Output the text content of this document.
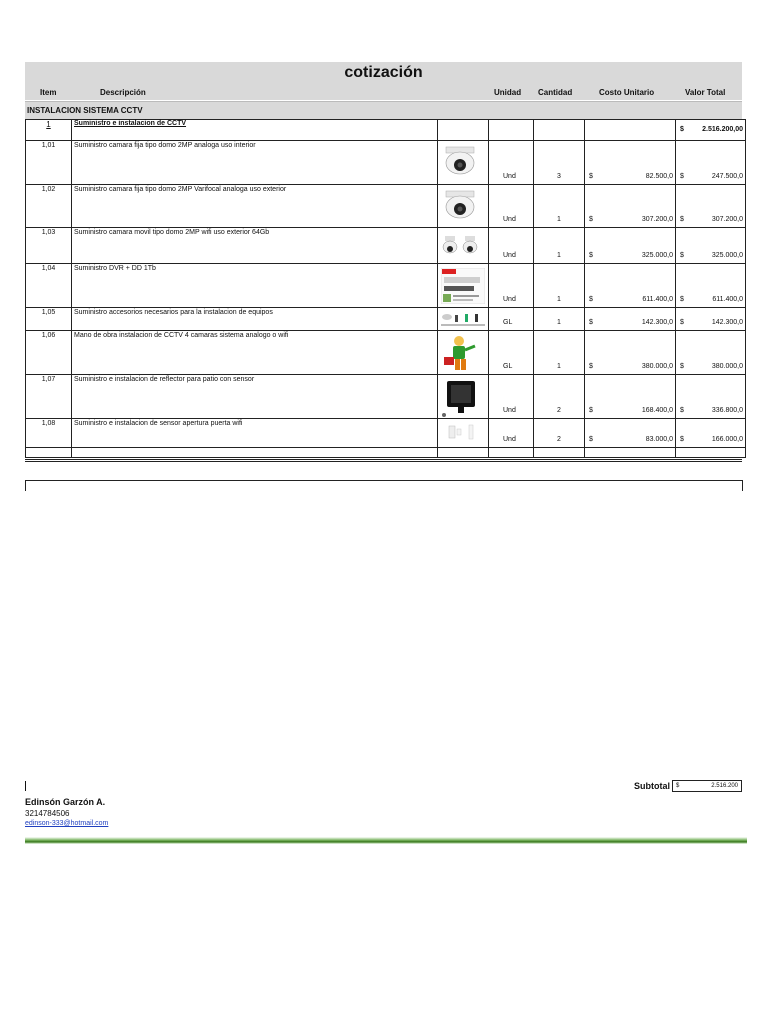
cotización
Item	Descripción	Unidad Cantidad	Costo Unitario	Valor Total
INSTALACION SISTEMA CCTV
1	Suministro e instalacion de CCTV					$ 2.516.200,00

1,01	Suministro camara fija tipo domo 2MP analoga uso interior		Und	3	$ 82.500,0	$ 247.500,0

1,02	Suministro camara fija tipo domo 2MP Varifocal analoga uso exterior		Und	1	$ 307.200,0	$ 307.200,0

1,03	Suministro camara movil tipo domo 2MP wifi uso exterior 64Gb		Und	1	$ 325.000,0	$ 325.000,0

1,04	Suministro DVR + DD 1Tb		Und	1	$ 611.400,0	$ 611.400,0

1,05	Suministro accesorios necesarios para la instalacion de equipos		GL	1	$ 142.300,0	$ 142.300,0

1,06	Mano de obra instalacion de CCTV 4 camaras sistema analogo o wifi		GL	1	$ 380.000,0	$ 380.000,0

1,07	Suministro e instalacion de reflector para patio con sensor		Und	2	$ 168.400,0	$ 336.800,0

1,08	Suministro e instalacion de sensor apertura puerta wifi		Und	2	$ 83.000,0	$ 166.000,0

Subtotal $	2.516.200
Edinsón Garzón A.
3214784506
edinson-333@hotmail.com
